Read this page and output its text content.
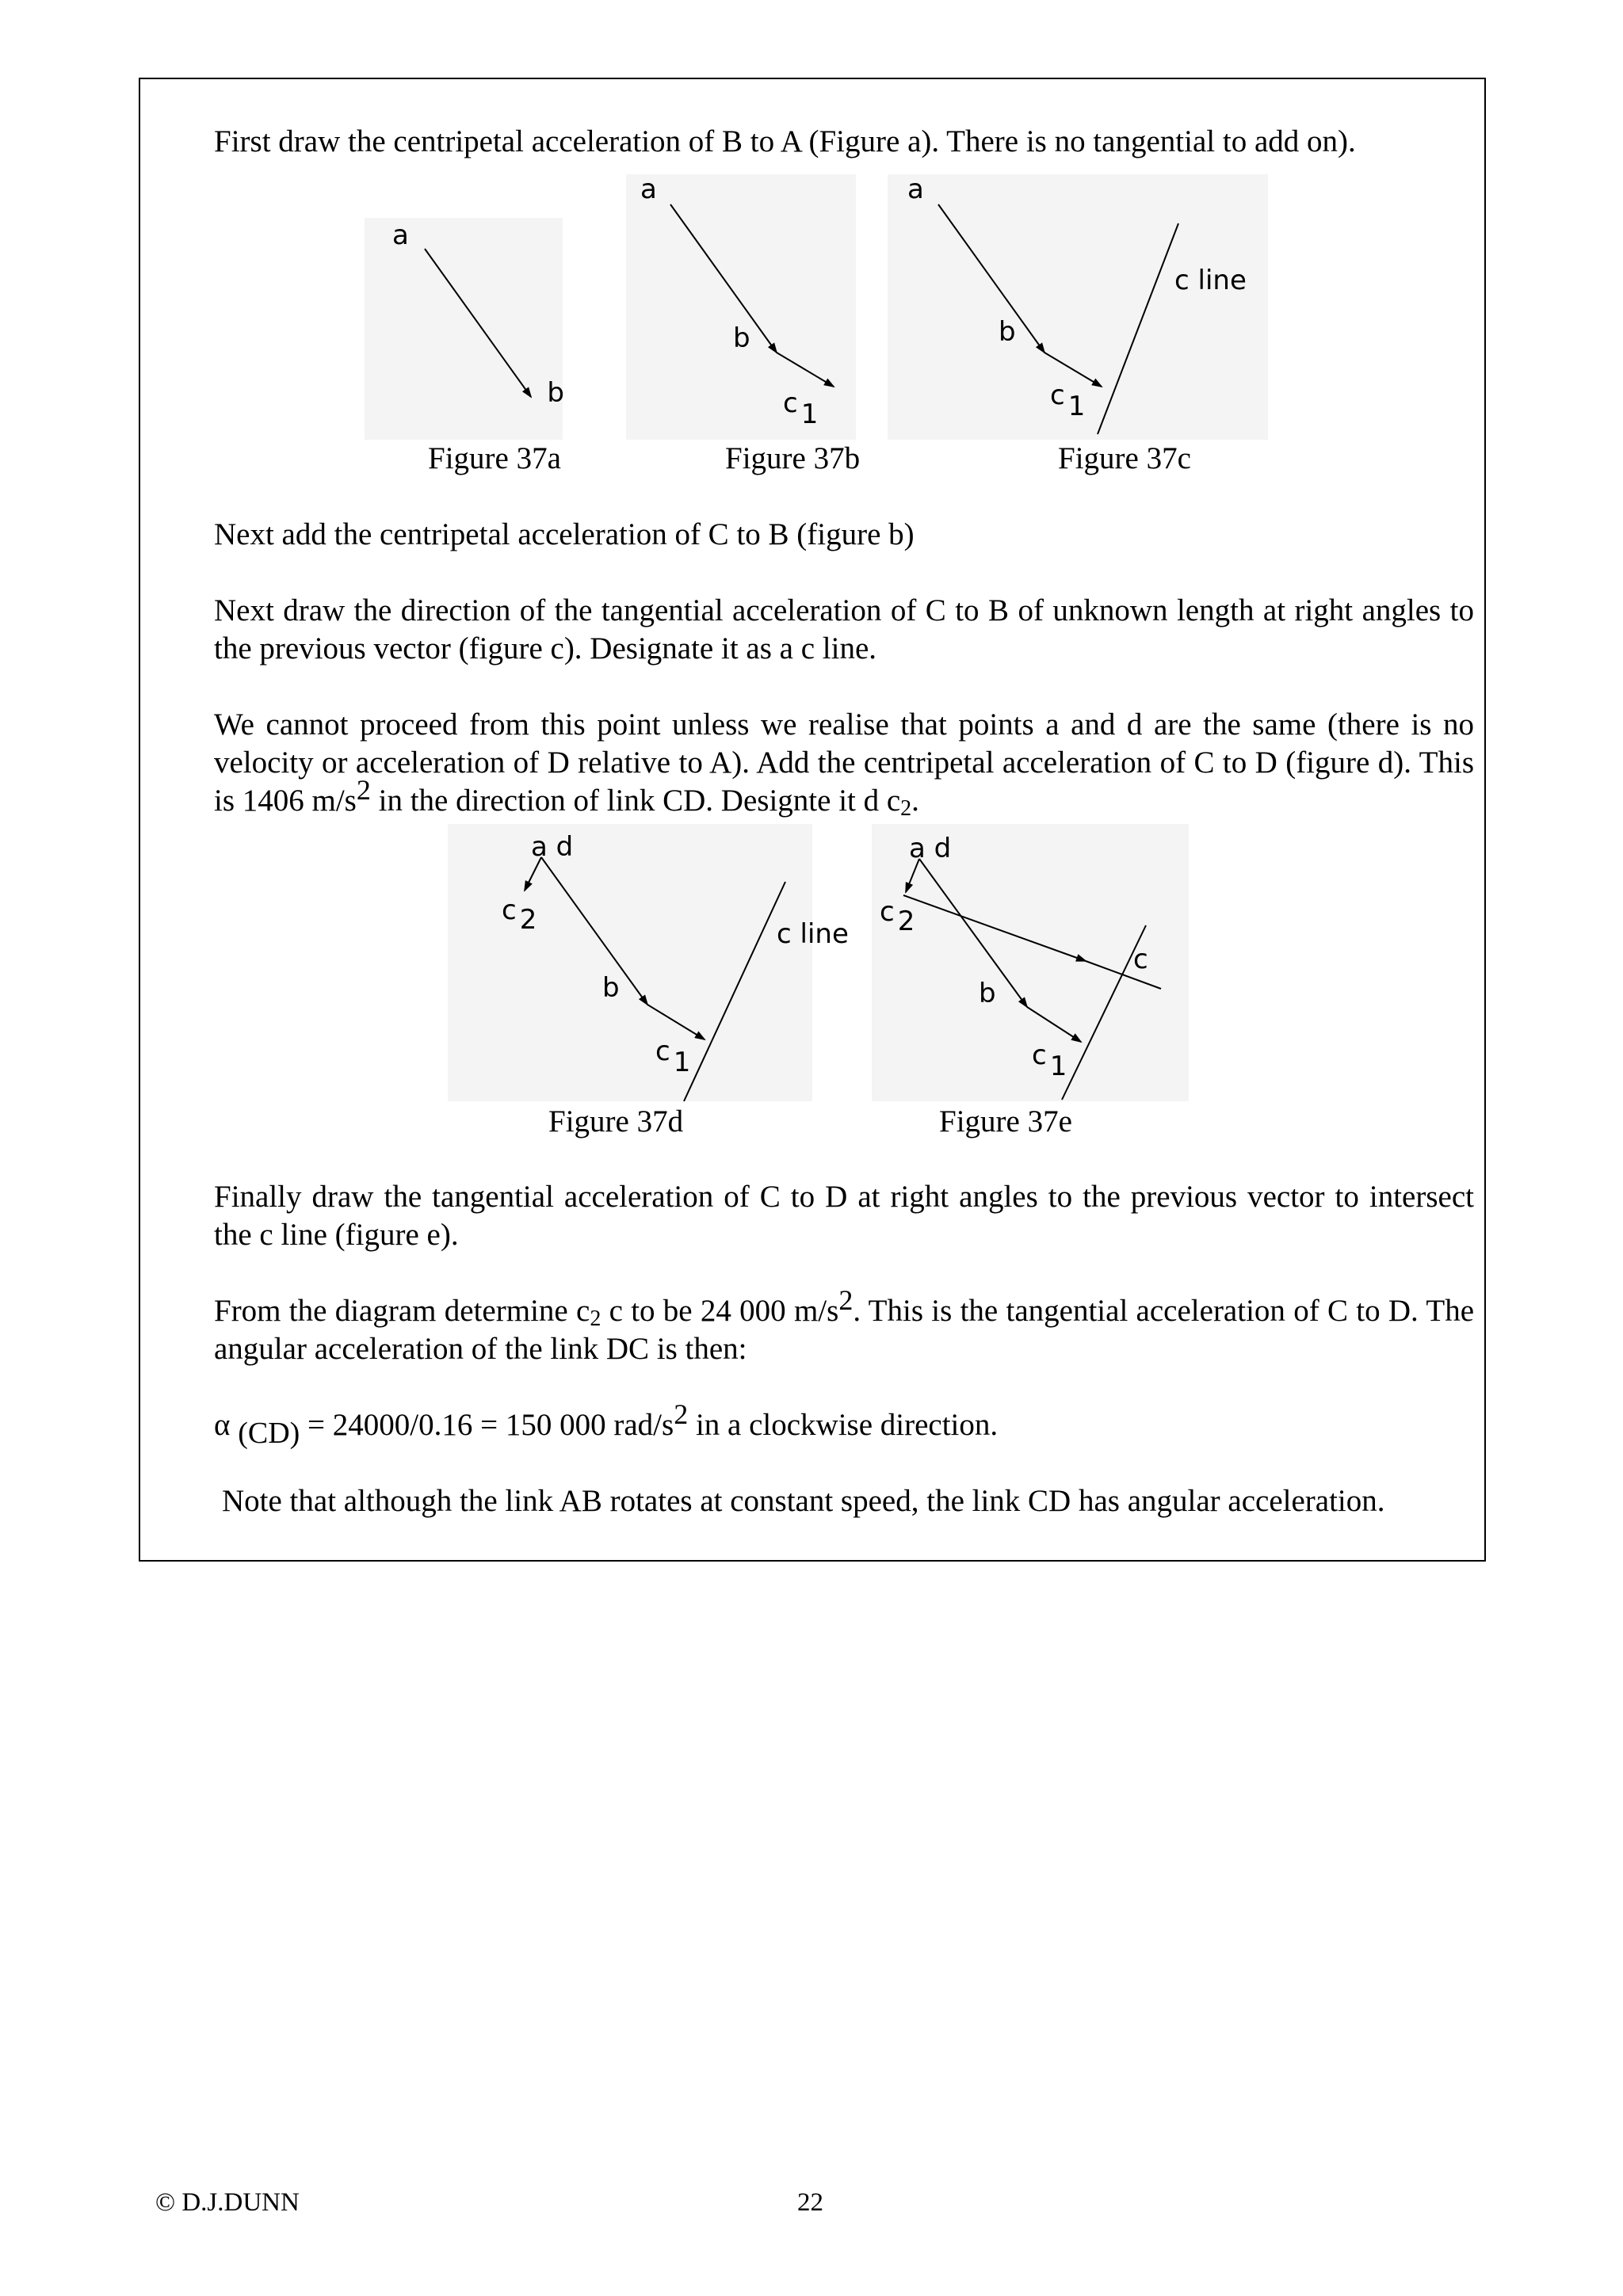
First draw the centripetal acceleration of B to A (Figure a). There is no tangential to add on).
a
b
a
b
c 1
a
b
c 1
c line
Figure 37a	Figure 37b	Figure 37c
Next add the centripetal acceleration of C to B (figure b)
Next draw the direction of the tangential acceleration of C to B of unknown length at right angles to the previous vector (figure c). Designate it as a c line.
We cannot proceed from this point unless we realise that points a and d are the same (there is no velocity or acceleration of D relative to A). Add the centripetal acceleration of C to D (figure d). This is 1406 $m/s^2$ in the direction of link CD. Designte it d $c_2$.
a d
c 2
b
c 1
c line
a d
c 2
b
c 1
c
Figure 37d	Figure 37e
Finally draw the tangential acceleration of C to D at right angles to the previous vector to intersect the c line (figure e).
From the diagram determine $c_2$ c to be 24 000 $m/s^2$. This is the tangential acceleration of C to D. The angular acceleration of the link DC is then:
α (CD) = 24000/0.16 = 150 000 rad/$s^2$ in a clockwise direction.
Note that although the link AB rotates at constant speed, the link CD has angular acceleration.
© D.J.DUNN	22
